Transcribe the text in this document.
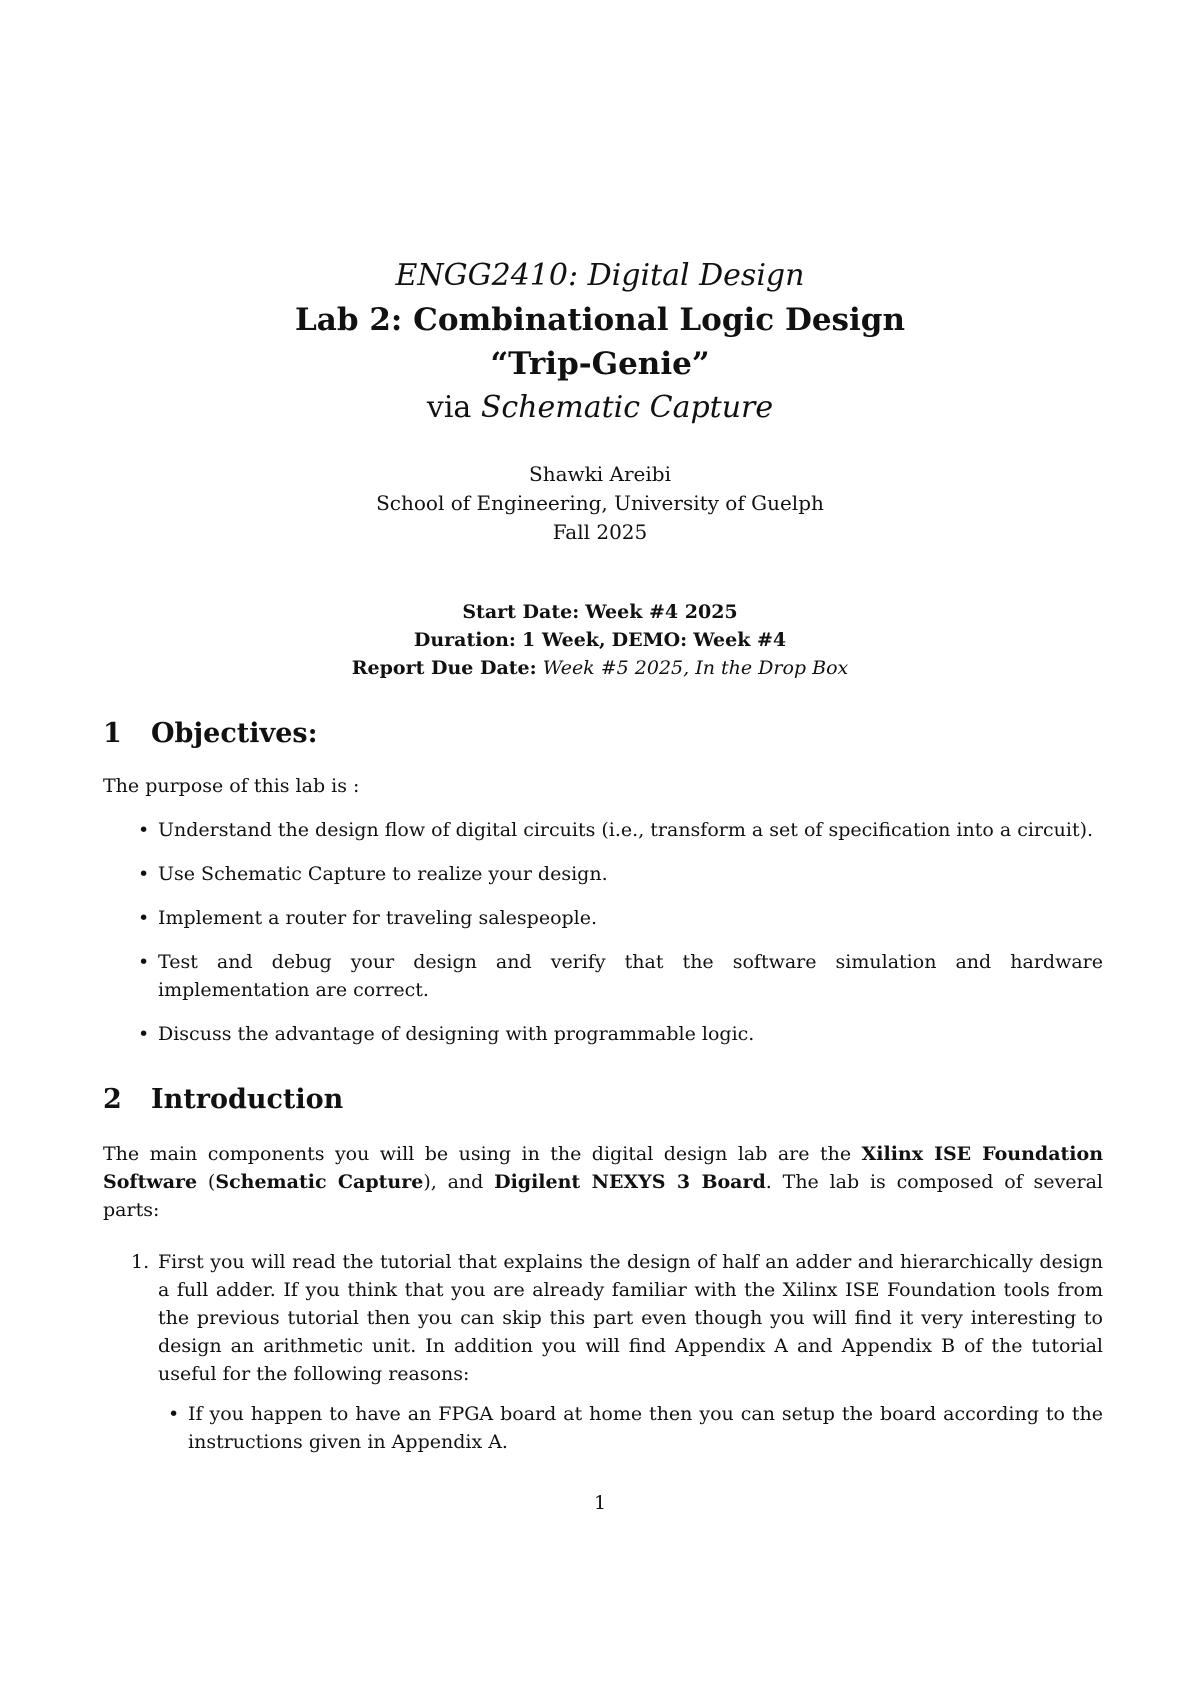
ENGG2410: Digital Design
Lab 2: Combinational Logic Design
“Trip-Genie”
via Schematic Capture
Shawki Areibi
School of Engineering, University of Guelph
Fall 2025
Start Date: Week #4 2025
Duration: 1 Week, DEMO: Week #4
Report Due Date: Week #5 2025, In the Drop Box
1 Objectives:
The purpose of this lab is :
• Understand the design flow of digital circuits (i.e., transform a set of specification into a circuit).
• Use Schematic Capture to realize your design.
• Implement a router for traveling salespeople.
• Test and debug your design and verify that the software simulation and hardware implementation are correct.
• Discuss the advantage of designing with programmable logic.
2 Introduction
The main components you will be using in the digital design lab are the Xilinx ISE Foundation Software (Schematic Capture), and Digilent NEXYS 3 Board. The lab is composed of several parts:
1. First you will read the tutorial that explains the design of half an adder and hierarchically design a full adder. If you think that you are already familiar with the Xilinx ISE Foundation tools from the previous tutorial then you can skip this part even though you will find it very interesting to design an arithmetic unit. In addition you will find Appendix A and Appendix B of the tutorial useful for the following reasons:
• If you happen to have an FPGA board at home then you can setup the board according to the instructions given in Appendix A.
1
